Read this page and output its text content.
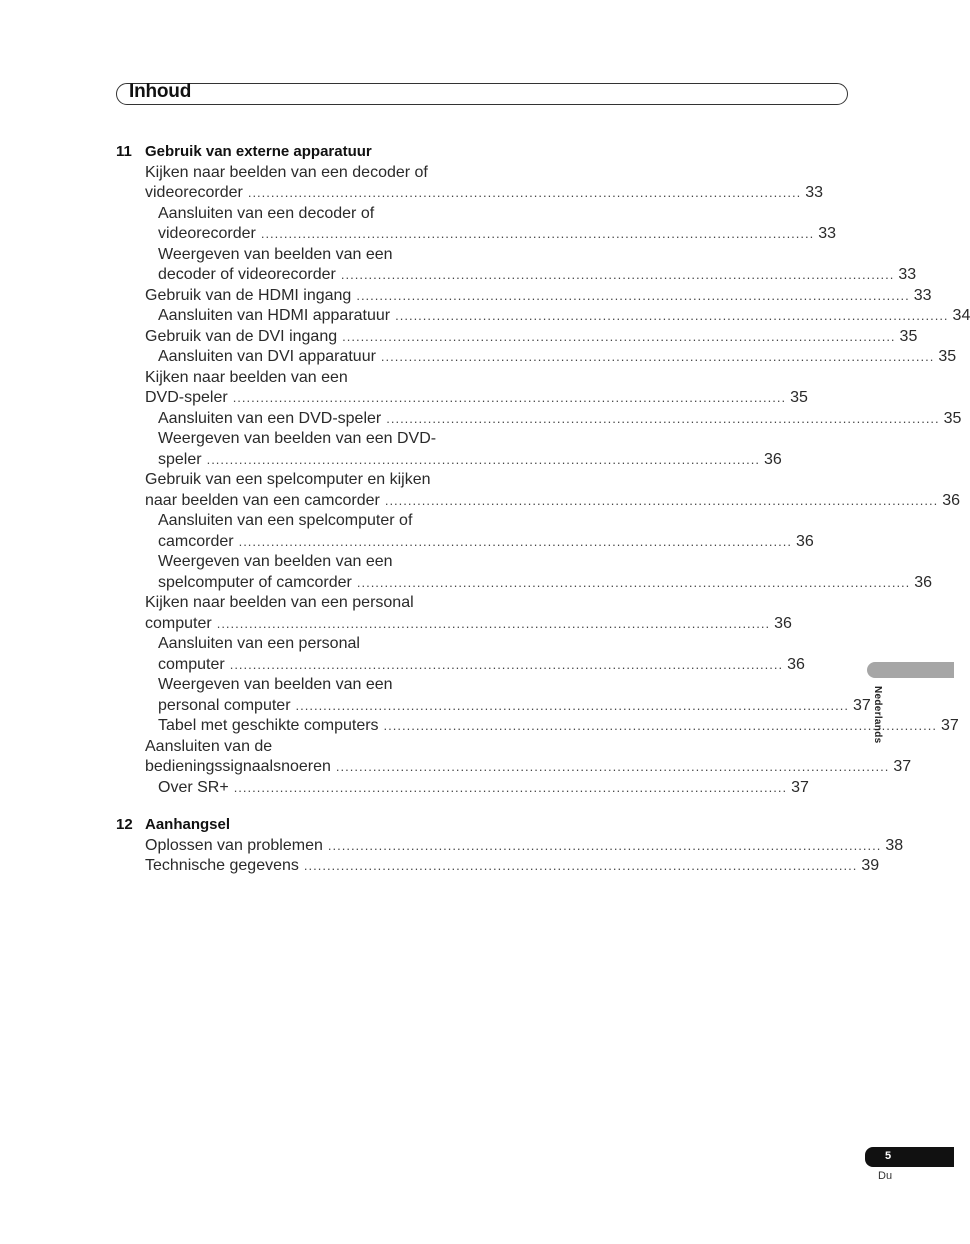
Inhoud
11 Gebruik van externe apparatuur
Kijken naar beelden van een decoder of
videorecorder ........................................................................................................................ 33
Aansluiten van een decoder of
videorecorder ........................................................................................................................ 33
Weergeven van beelden van een
decoder of videorecorder ........................................................................................................................ 33
Gebruik van de HDMI ingang ........................................................................................................................ 33
Aansluiten van HDMI apparatuur ........................................................................................................................ 34
Gebruik van de DVI ingang ........................................................................................................................ 35
Aansluiten van DVI apparatuur ........................................................................................................................ 35
Kijken naar beelden van een
DVD-speler ........................................................................................................................ 35
Aansluiten van een DVD-speler ........................................................................................................................ 35
Weergeven van beelden van een DVD-
speler ........................................................................................................................ 36
Gebruik van een spelcomputer en kijken
naar beelden van een camcorder ........................................................................................................................ 36
Aansluiten van een spelcomputer of
camcorder ........................................................................................................................ 36
Weergeven van beelden van een
spelcomputer of camcorder ........................................................................................................................ 36
Kijken naar beelden van een personal
computer ........................................................................................................................ 36
Aansluiten van een personal
computer ........................................................................................................................ 36
Weergeven van beelden van een
personal computer ........................................................................................................................ 37
Tabel met geschikte computers ........................................................................................................................ 37
Aansluiten van de
bedieningssignaalsnoeren ........................................................................................................................ 37
Over SR+ ........................................................................................................................ 37
12 Aanhangsel
Oplossen van problemen ........................................................................................................................ 38
Technische gegevens ........................................................................................................................ 39
Nederlands
5
Du
